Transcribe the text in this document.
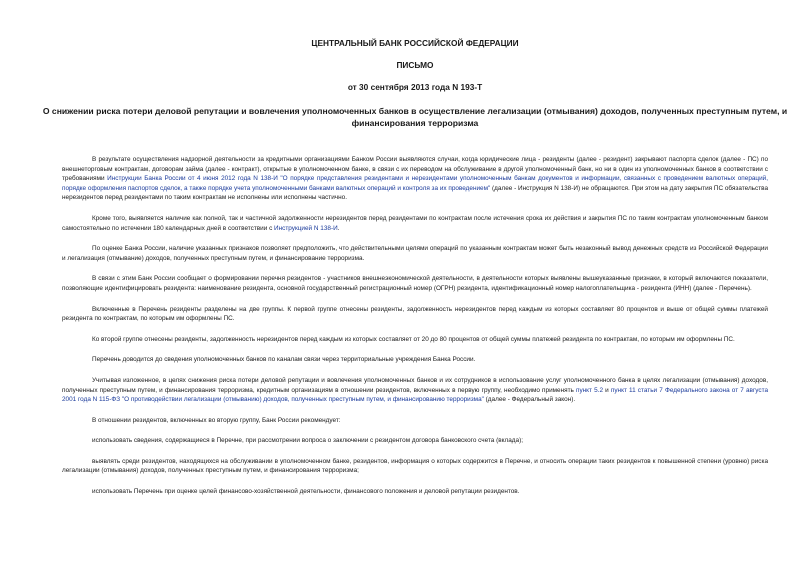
ЦЕНТРАЛЬНЫЙ БАНК РОССИЙСКОЙ ФЕДЕРАЦИИ
ПИСЬМО
от 30 сентября 2013 года N 193-Т
О снижении риска потери деловой репутации и вовлечения уполномоченных банков в осуществление легализации (отмывания) доходов, полученных преступным путем, и финансирования терроризма

В результате осуществления надзорной деятельности за кредитными организациями Банком России выявляются случаи, когда юридические лица - резиденты (далее - резидент) закрывают паспорта сделок (далее - ПС) по внешнеторговым контрактам, договорам займа (далее - контракт), открытые в уполномоченном банке, в связи с их переводом на обслуживание в другой уполномоченный банк, но ни в один из уполномоченных банков в соответствии с требованиями Инструкции Банка России от 4 июня 2012 года N 138-И "О порядке представления резидентами и нерезидентами уполномоченным банкам документов и информации, связанных с проведением валютных операций, порядке оформления паспортов сделок, а также порядке учета уполномоченными банками валютных операций и контроля за их проведением" (далее - Инструкция N 138-И) не обращаются. При этом на дату закрытия ПС обязательства нерезидентов перед резидентами по таким контрактам не исполнены или исполнены частично.

Кроме того, выявляется наличие как полной, так и частичной задолженности нерезидентов перед резидентами по контрактам после истечения срока их действия и закрытия ПС по таким контрактам уполномоченным банком самостоятельно по истечении 180 календарных дней в соответствии с Инструкцией N 138-И.

По оценке Банка России, наличие указанных признаков позволяет предположить, что действительными целями операций по указанным контрактам может быть незаконный вывод денежных средств из Российской Федерации и легализация (отмывание) доходов, полученных преступным путем, и финансирование терроризма.

В связи с этим Банк России сообщает о формировании перечня резидентов - участников внешнеэкономической деятельности, в деятельности которых выявлены вышеуказанные признаки, в который включаются показатели, позволяющие идентифицировать резидента: наименование резидента, основной государственный регистрационный номер (ОГРН) резидента, идентификационный номер налогоплательщика - резидента (ИНН) (далее - Перечень).

Включенные в Перечень резиденты разделены на две группы. К первой группе отнесены резиденты, задолженность нерезидентов перед каждым из которых составляет 80 процентов и выше от общей суммы платежей резидента по контрактам, по которым им оформлены ПС.

Ко второй группе отнесены резиденты, задолженность нерезидентов перед каждым из которых составляет от 20 до 80 процентов от общей суммы платежей резидента по контрактам, по которым им оформлены ПС.

Перечень доводится до сведения уполномоченных банков по каналам связи через территориальные учреждения Банка России.

Учитывая изложенное, в целях снижения риска потери деловой репутации и вовлечения уполномоченных банков и их сотрудников в использование услуг уполномоченного банка в целях легализации (отмывания) доходов, полученных преступным путем, и финансирования терроризма, кредитным организациям в отношении резидентов, включенных в первую группу, необходимо применять пункт 5.2 и пункт 11 статьи 7 Федерального закона от 7 августа 2001 года N 115-ФЗ "О противодействии легализации (отмыванию) доходов, полученных преступным путем, и финансированию терроризма" (далее - Федеральный закон).

В отношении резидентов, включенных во вторую группу, Банк России рекомендует:

использовать сведения, содержащиеся в Перечне, при рассмотрении вопроса о заключении с резидентом договора банковского счета (вклада);

выявлять среди резидентов, находящихся на обслуживании в уполномоченном банке, резидентов, информация о которых содержится в Перечне, и относить операции таких резидентов к повышенной степени (уровню) риска легализации (отмывания) доходов, полученных преступным путем, и финансирования терроризма;

использовать Перечень при оценке целей финансово-хозяйственной деятельности, финансового положения и деловой репутации резидентов.
